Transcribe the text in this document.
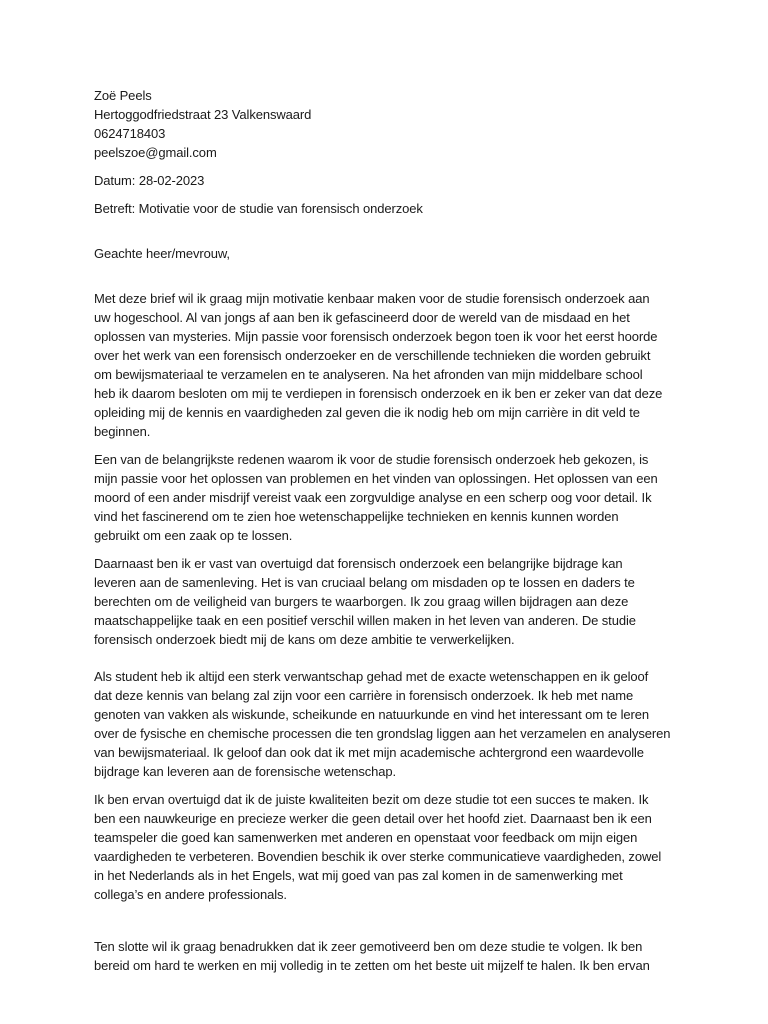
Zoë Peels
Hertoggodfriedstraat 23 Valkenswaard
0624718403
peelszoe@gmail.com
Datum: 28-02-2023
Betreft: Motivatie voor de studie van forensisch onderzoek
Geachte heer/mevrouw,

Met deze brief wil ik graag mijn motivatie kenbaar maken voor de studie forensisch onderzoek aan
uw hogeschool. Al van jongs af aan ben ik gefascineerd door de wereld van de misdaad en het
oplossen van mysteries. Mijn passie voor forensisch onderzoek begon toen ik voor het eerst hoorde
over het werk van een forensisch onderzoeker en de verschillende technieken die worden gebruikt
om bewijsmateriaal te verzamelen en te analyseren. Na het afronden van mijn middelbare school
heb ik daarom besloten om mij te verdiepen in forensisch onderzoek en ik ben er zeker van dat deze
opleiding mij de kennis en vaardigheden zal geven die ik nodig heb om mijn carrière in dit veld te
beginnen.

Een van de belangrijkste redenen waarom ik voor de studie forensisch onderzoek heb gekozen, is
mijn passie voor het oplossen van problemen en het vinden van oplossingen. Het oplossen van een
moord of een ander misdrijf vereist vaak een zorgvuldige analyse en een scherp oog voor detail. Ik
vind het fascinerend om te zien hoe wetenschappelijke technieken en kennis kunnen worden
gebruikt om een zaak op te lossen.

Daarnaast ben ik er vast van overtuigd dat forensisch onderzoek een belangrijke bijdrage kan
leveren aan de samenleving. Het is van cruciaal belang om misdaden op te lossen en daders te
berechten om de veiligheid van burgers te waarborgen. Ik zou graag willen bijdragen aan deze
maatschappelijke taak en een positief verschil willen maken in het leven van anderen. De studie
forensisch onderzoek biedt mij de kans om deze ambitie te verwerkelijken.

Als student heb ik altijd een sterk verwantschap gehad met de exacte wetenschappen en ik geloof
dat deze kennis van belang zal zijn voor een carrière in forensisch onderzoek. Ik heb met name
genoten van vakken als wiskunde, scheikunde en natuurkunde en vind het interessant om te leren
over de fysische en chemische processen die ten grondslag liggen aan het verzamelen en analyseren
van bewijsmateriaal. Ik geloof dan ook dat ik met mijn academische achtergrond een waardevolle
bijdrage kan leveren aan de forensische wetenschap.

Ik ben ervan overtuigd dat ik de juiste kwaliteiten bezit om deze studie tot een succes te maken. Ik
ben een nauwkeurige en precieze werker die geen detail over het hoofd ziet. Daarnaast ben ik een
teamspeler die goed kan samenwerken met anderen en openstaat voor feedback om mijn eigen
vaardigheden te verbeteren. Bovendien beschik ik over sterke communicatieve vaardigheden, zowel
in het Nederlands als in het Engels, wat mij goed van pas zal komen in de samenwerking met
collega’s en andere professionals.

Ten slotte wil ik graag benadrukken dat ik zeer gemotiveerd ben om deze studie te volgen. Ik ben
bereid om hard te werken en mij volledig in te zetten om het beste uit mijzelf te halen. Ik ben ervan
